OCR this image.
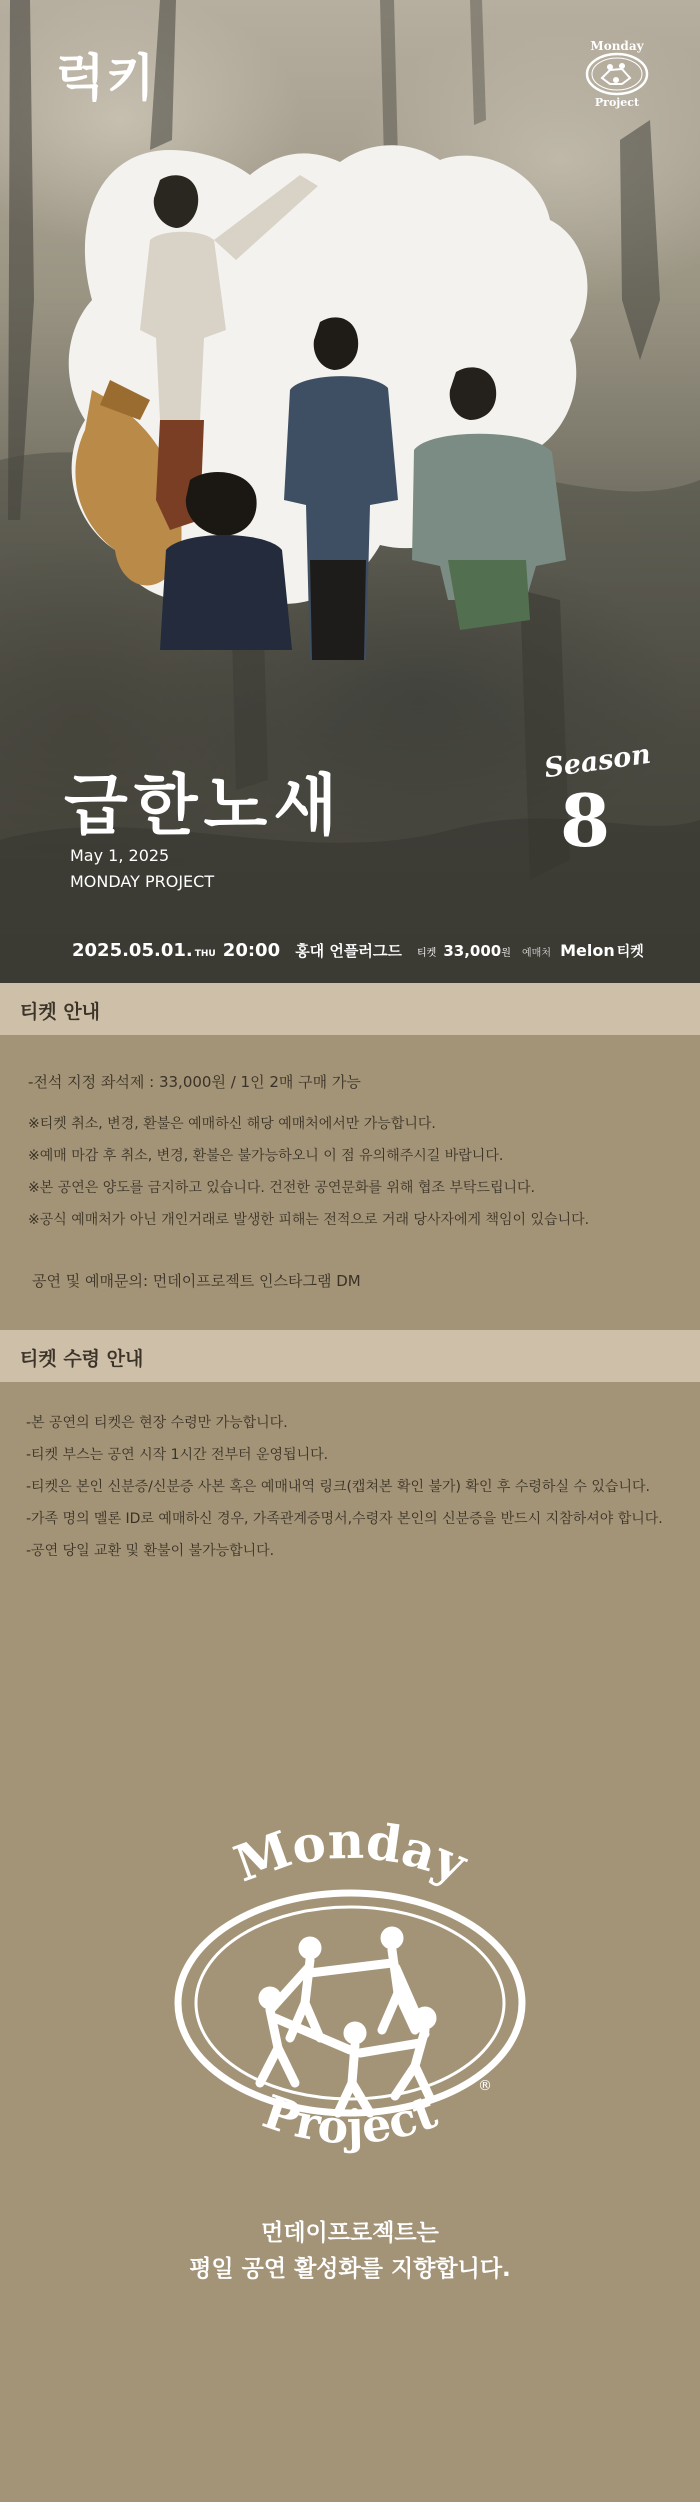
럭키
Monday
Project
급한노새
Season
8
May 1, 2025
MONDAY PROJECT
2025.05.01. THU 20:00 홍대 언플러그드 티켓 33,000원 예매처 Melon 티켓
티켓 안내
-전석 지정 좌석제 : 33,000원 / 1인 2매 구매 가능
※티켓 취소, 변경, 환불은 예매하신 해당 예매처에서만 가능합니다.
※예매 마감 후 취소, 변경, 환불은 불가능하오니 이 점 유의해주시길 바랍니다.
※본 공연은 양도를 금지하고 있습니다. 건전한 공연문화를 위해 협조 부탁드립니다.
※공식 예매처가 아닌 개인거래로 발생한 피해는 전적으로 거래 당사자에게 책임이 있습니다.
공연 및 예매문의: 먼데이프로젝트 인스타그램 DM
티켓 수령 안내
-본 공연의 티켓은 현장 수령만 가능합니다.
-티켓 부스는 공연 시작 1시간 전부터 운영됩니다.
-티켓은 본인 신분증/신분증 사본 혹은 예매내역 링크(캡쳐본 확인 불가) 확인 후 수령하실 수 있습니다.
-가족 명의 멜론 ID로 예매하신 경우, 가족관계증명서,수령자 본인의 신분증을 반드시 지참하셔야 합니다.
-공연 당일 교환 및 환불이 불가능합니다.
Monday
Project ®
먼데이프로젝트는
평일 공연 활성화를 지향합니다.
